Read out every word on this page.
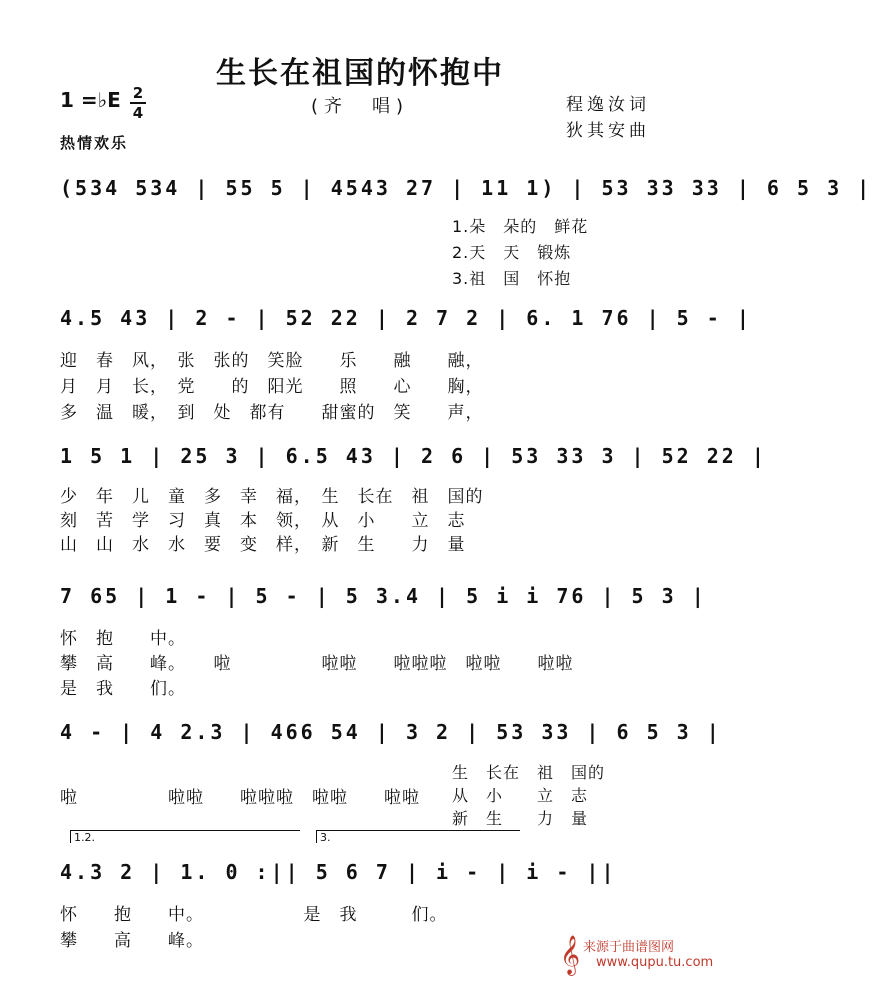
生长在祖国的怀抱中
(齐　唱)	程逸汝词
狄其安曲
1 =♭E 2
4
热情欢乐
(534 534 | 55 5 | 4543 27 | 11 1) | 53 33 33 | 6 5 3 |
1.朵　朵的　鲜花
2.天　天　锻炼
3.祖　国　怀抱
4.5 43 | 2 - | 52 22 | 2 7 2 | 6. 1 76 | 5 - |
迎　春　风，　张　张的　笑脸　　乐　　融　　融，
月　月　长，　党　　的　阳光　　照　　心　　胸，
多　温　暖，　到　处　都有　　甜蜜的　笑　　声，
1 5 1 | 25 3 | 6.5 43 | 2 6 | 53 33 3 | 52 22 |
少　年　儿　童　多　幸　福，　生　长在　祖　国的
刻　苦　学　习　真　本　领，　从　小　　立　志
山　山　水　水　要　变　样，　新　生　　力　量
7 65 | 1 - | 5 - | 5 3.4 | 5 i i 76 | 5 3 |
怀　抱　　中。
攀　高　　峰。　　啦　　　　　啦啦　　啦啦啦　啦啦　　啦啦
是　我　　们。
4 - | 4 2.3 | 466 54 | 3 2 | 53 33 | 6 5 3 |
啦　　　　　啦啦　　啦啦啦　啦啦　　啦啦
生　长在　祖　国的
从　小　　立　志
新　生　　力　量
1.2.	3.
4.3 2 | 1. 0 :|| 5 6 7 | i - | i - ||
怀　　抱　　中。　　　　　　是　我　　　们。
攀　　高　　峰。	𝄞 来源于曲谱图网
www.qupu.tu.com
